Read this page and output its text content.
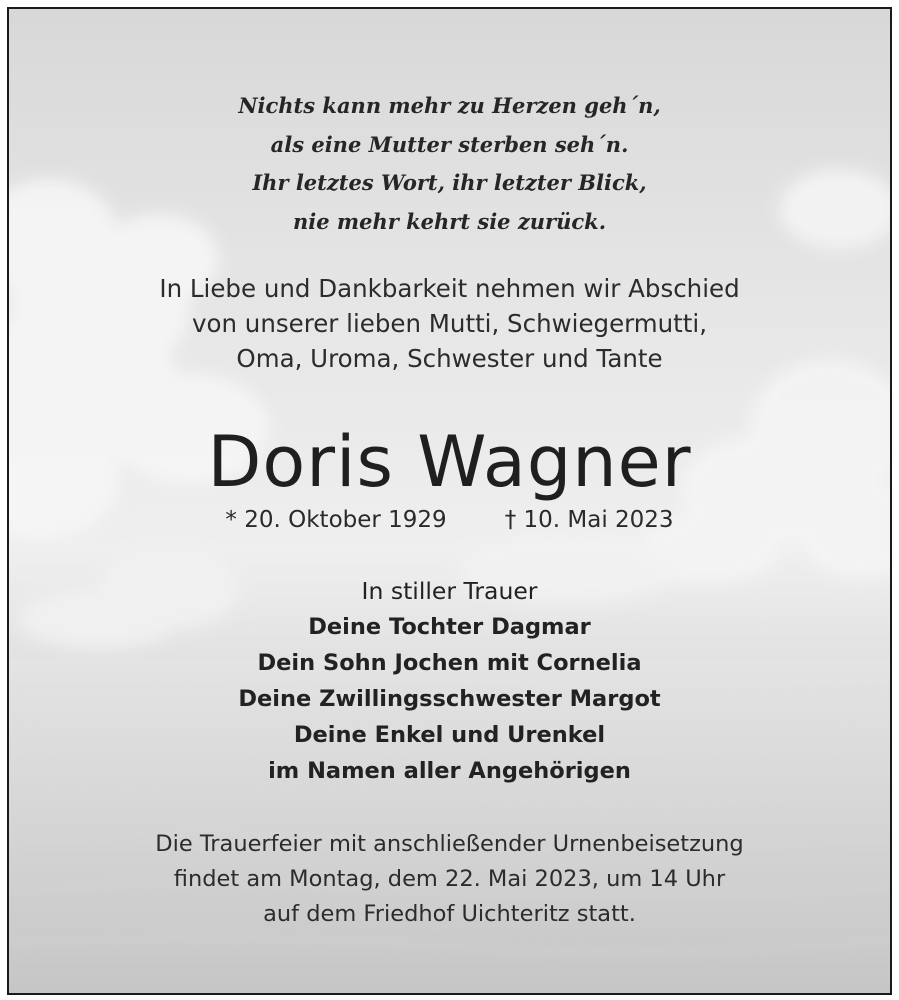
Nichts kann mehr zu Herzen geh´n,
als eine Mutter sterben seh´n.
Ihr letztes Wort, ihr letzter Blick,
nie mehr kehrt sie zurück.
In Liebe und Dankbarkeit nehmen wir Abschied
von unserer lieben Mutti, Schwiegermutti,
Oma, Uroma, Schwester und Tante
Doris Wagner
* 20. Oktober 1929	† 10. Mai 2023
In stiller Trauer
Deine Tochter Dagmar
Dein Sohn Jochen mit Cornelia
Deine Zwillingsschwester Margot
Deine Enkel und Urenkel
im Namen aller Angehörigen
Die Trauerfeier mit anschließender Urnenbeisetzung
findet am Montag, dem 22. Mai 2023, um 14 Uhr
auf dem Friedhof Uichteritz statt.
